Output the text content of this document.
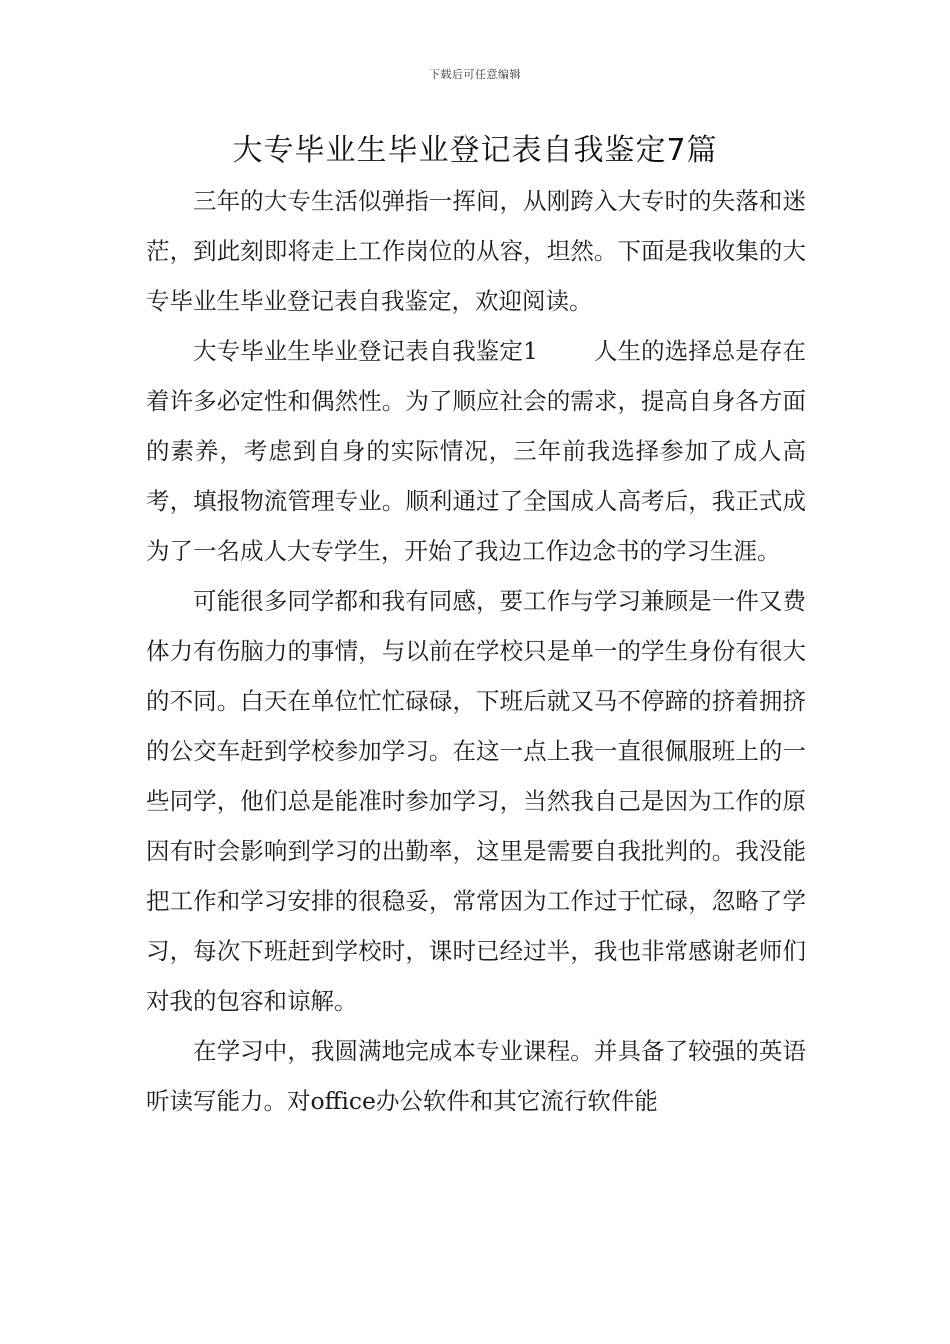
下载后可任意编辑
大专毕业生毕业登记表自我鉴定7篇

三年的大专生活似弹指一挥间，从刚跨入大专时的失落和迷茫，到此刻即将走上工作岗位的从容，坦然。下面是我收集的大专毕业生毕业登记表自我鉴定，欢迎阅读。

大专毕业生毕业登记表自我鉴定1 人生的选择总是存在着许多必定性和偶然性。为了顺应社会的需求，提高自身各方面的素养，考虑到自身的实际情况，三年前我选择参加了成人高考，填报物流管理专业。顺利通过了全国成人高考后，我正式成为了一名成人大专学生，开始了我边工作边念书的学习生涯。

可能很多同学都和我有同感，要工作与学习兼顾是一件又费体力有伤脑力的事情，与以前在学校只是单一的学生身份有很大的不同。白天在单位忙忙碌碌，下班后就又马不停蹄的挤着拥挤的公交车赶到学校参加学习。在这一点上我一直很佩服班上的一些同学，他们总是能准时参加学习，当然我自己是因为工作的原因有时会影响到学习的出勤率，这里是需要自我批判的。我没能把工作和学习安排的很稳妥，常常因为工作过于忙碌，忽略了学习，每次下班赶到学校时，课时已经过半，我也非常感谢老师们对我的包容和谅解。

在学习中，我圆满地完成本专业课程。并具备了较强的英语听读写能力。对office办公软件和其它流行软件能
